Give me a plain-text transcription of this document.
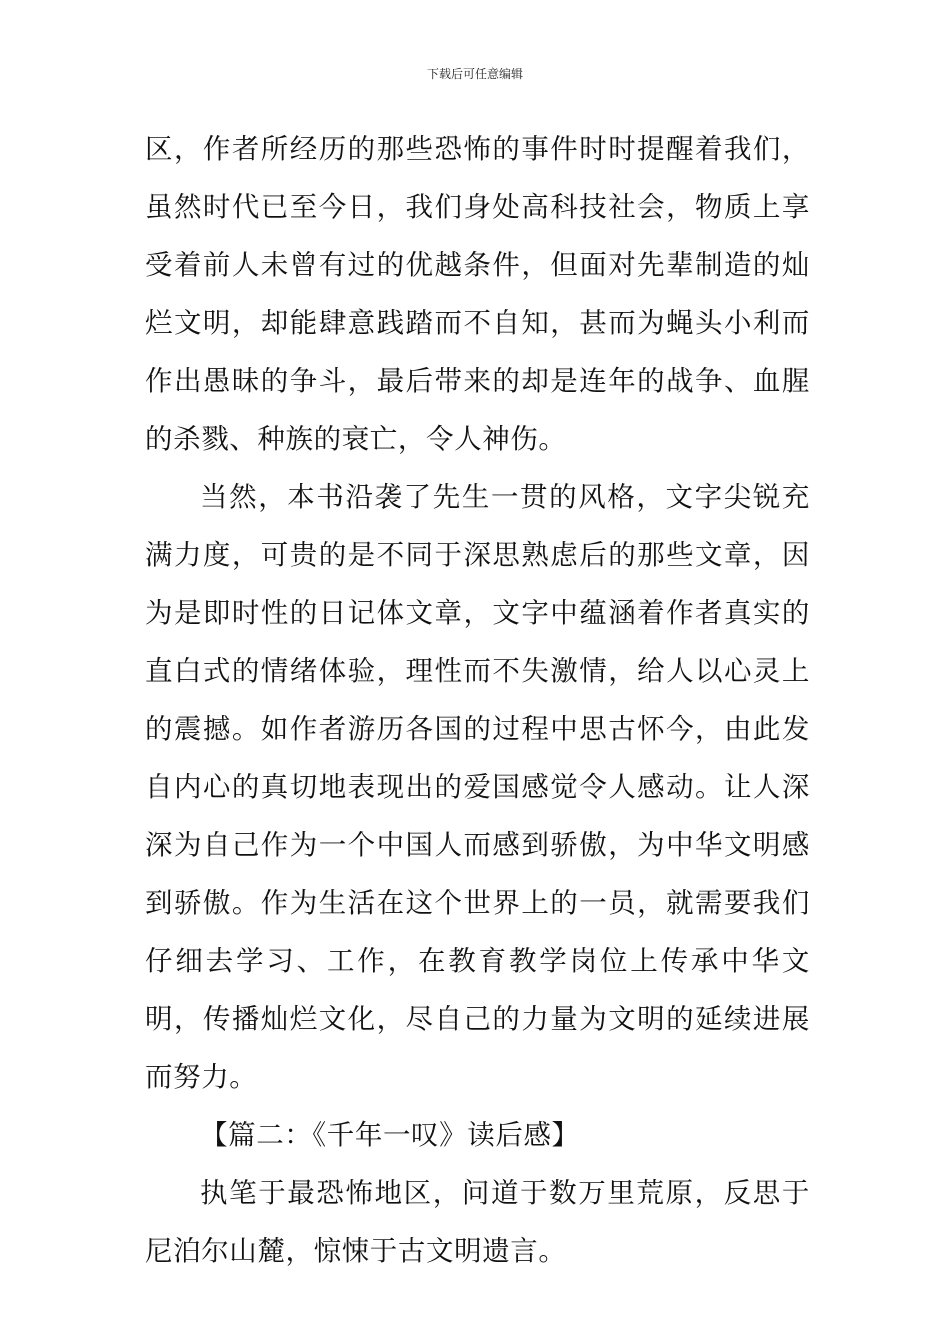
下载后可任意编辑

区，作者所经历的那些恐怖的事件时时提醒着我们，虽然时代已至今日，我们身处高科技社会，物质上享受着前人未曾有过的优越条件，但面对先辈制造的灿烂文明，却能肆意践踏而不自知，甚而为蝇头小利而作出愚昧的争斗，最后带来的却是连年的战争、血腥的杀戮、种族的衰亡，令人神伤。

当然，本书沿袭了先生一贯的风格，文字尖锐充满力度，可贵的是不同于深思熟虑后的那些文章，因为是即时性的日记体文章，文字中蕴涵着作者真实的直白式的情绪体验，理性而不失激情，给人以心灵上的震撼。如作者游历各国的过程中思古怀今，由此发自内心的真切地表现出的爱国感觉令人感动。让人深深为自己作为一个中国人而感到骄傲，为中华文明感到骄傲。作为生活在这个世界上的一员，就需要我们仔细去学习、工作，在教育教学岗位上传承中华文明，传播灿烂文化，尽自己的力量为文明的延续进展而努力。

【篇二：《千年一叹》读后感】

执笔于最恐怖地区，问道于数万里荒原，反思于尼泊尔山麓，惊悚于古文明遗言。
